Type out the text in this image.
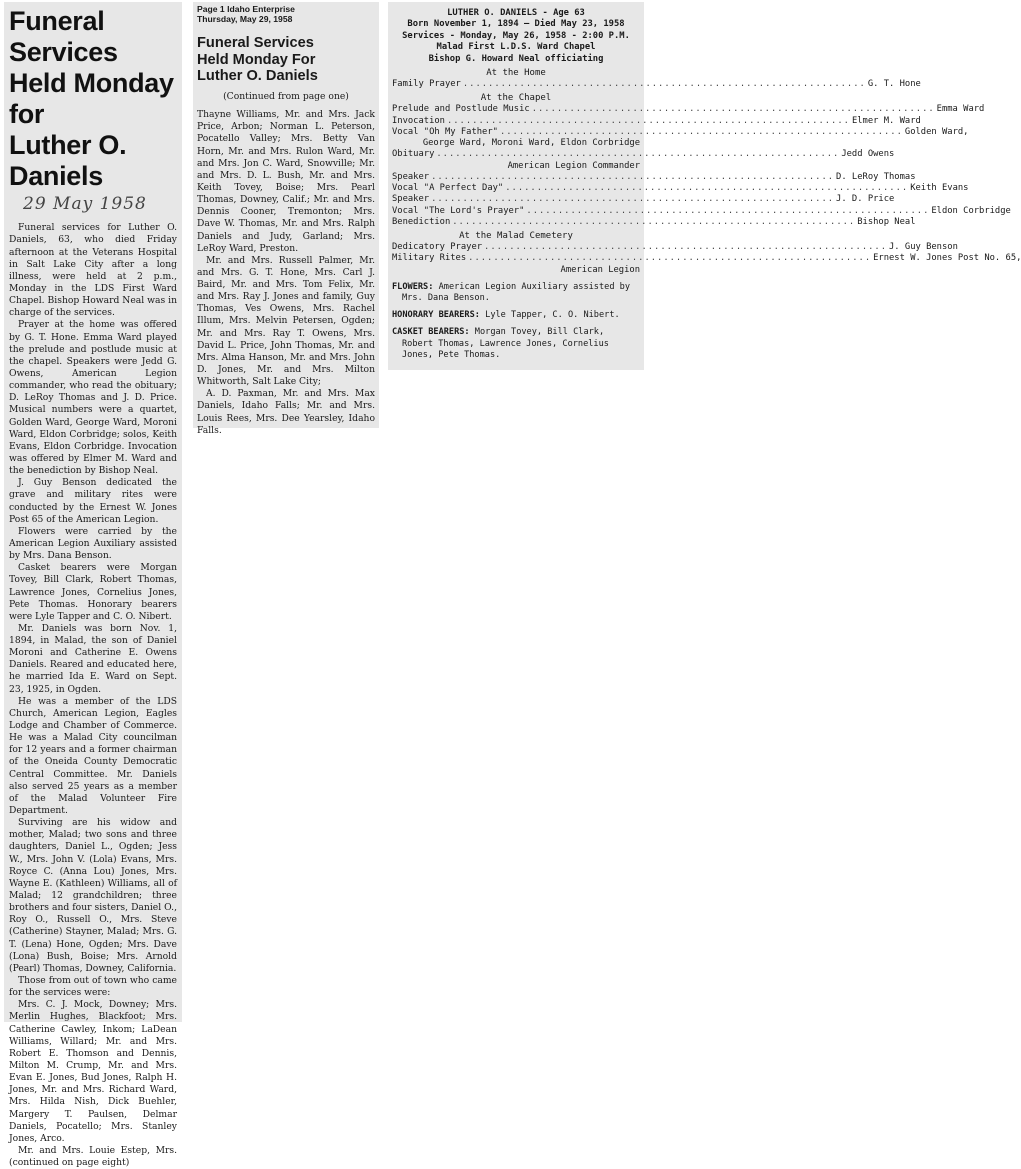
Funeral Services
Held Monday for
Luther O. Daniels
29 May 1958

Funeral services for Luther O. Daniels, 63, who died Friday afternoon at the Veterans Hospital in Salt Lake City after a long illness, were held at 2 p.m., Monday in the LDS First Ward Chapel. Bishop Howard Neal was in charge of the services.

Prayer at the home was offered by G. T. Hone. Emma Ward played the prelude and postlude music at the chapel. Speakers were Jedd G. Owens, American Legion commander, who read the obituary; D. LeRoy Thomas and J. D. Price. Musical numbers were a quartet, Golden Ward, George Ward, Moroni Ward, Eldon Corbridge; solos, Keith Evans, Eldon Corbridge. Invocation was offered by Elmer M. Ward and the benediction by Bishop Neal.

J. Guy Benson dedicated the grave and military rites were conducted by the Ernest W. Jones Post 65 of the American Legion.

Flowers were carried by the American Legion Auxiliary assisted by Mrs. Dana Benson.

Casket bearers were Morgan Tovey, Bill Clark, Robert Thomas, Lawrence Jones, Cornelius Jones, Pete Thomas. Honorary bearers were Lyle Tapper and C. O. Nibert.

Mr. Daniels was born Nov. 1, 1894, in Malad, the son of Daniel Moroni and Catherine E. Owens Daniels. Reared and educated here, he married Ida E. Ward on Sept. 23, 1925, in Ogden.

He was a member of the LDS Church, American Legion, Eagles Lodge and Chamber of Commerce. He was a Malad City councilman for 12 years and a former chairman of the Oneida County Democratic Central Committee. Mr. Daniels also served 25 years as a member of the Malad Volunteer Fire Department.

Surviving are his widow and mother, Malad; two sons and three daughters, Daniel L., Ogden; Jess W., Mrs. John V. (Lola) Evans, Mrs. Royce C. (Anna Lou) Jones, Mrs. Wayne E. (Kathleen) Williams, all of Malad; 12 grandchildren; three brothers and four sisters, Daniel O., Roy O., Russell O., Mrs. Steve (Catherine) Stayner, Malad; Mrs. G. T. (Lena) Hone, Ogden; Mrs. Dave (Lona) Bush, Boise; Mrs. Arnold (Pearl) Thomas, Downey, California.

Those from out of town who came for the services were:

Mrs. C. J. Mock, Downey; Mrs. Merlin Hughes, Blackfoot; Mrs. Catherine Cawley, Inkom; LaDean Williams, Willard; Mr. and Mrs. Robert E. Thomson and Dennis, Milton M. Crump, Mr. and Mrs. Evan E. Jones, Bud Jones, Ralph H. Jones, Mr. and Mrs. Richard Ward, Mrs. Hilda Nish, Dick Buehler, Margery T. Paulsen, Delmar Daniels, Pocatello; Mrs. Stanley Jones, Arco.

Mr. and Mrs. Louie Estep, Mrs. (continued on page eight)

Page 1 Idaho Enterprise
Thursday, May 29, 1958
Funeral Services
Held Monday For
Luther O. Daniels
(Continued from page one)

Thayne Williams, Mr. and Mrs. Jack Price, Arbon; Norman L. Peterson, Pocatello Valley; Mrs. Betty Van Horn, Mr. and Mrs. Rulon Ward, Mr. and Mrs. Jon C. Ward, Snowville; Mr. and Mrs. D. L. Bush, Mr. and Mrs. Keith Tovey, Boise; Mrs. Pearl Thomas, Downey, Calif.; Mr. and Mrs. Dennis Cooner, Tremonton; Mrs. Dave W. Thomas, Mr. and Mrs. Ralph Daniels and Judy, Garland; Mrs. LeRoy Ward, Preston.

Mr. and Mrs. Russell Palmer, Mr. and Mrs. G. T. Hone, Mrs. Carl J. Baird, Mr. and Mrs. Tom Felix, Mr. and Mrs. Ray J. Jones and family, Guy Thomas, Ves Owens, Mrs. Rachel Illum, Mrs. Melvin Petersen, Ogden; Mr. and Mrs. Ray T. Owens, Mrs. David L. Price, John Thomas, Mr. and Mrs. Alma Hanson, Mr. and Mrs. John D. Jones, Mr. and Mrs. Milton Whitworth, Salt Lake City;

A. D. Paxman, Mr. and Mrs. Max Daniels, Idaho Falls; Mr. and Mrs. Louis Rees, Mrs. Dee Yearsley, Idaho Falls.

LUTHER O. DANIELS - Age 63
Born November 1, 1894 — Died May 23, 1958
Services - Monday, May 26, 1958 - 2:00 P.M.
Malad First L.D.S. Ward Chapel
Bishop G. Howard Neal officiating
At the Home
Family Prayer .....	G. T. Hone
At the Chapel
Prelude and Postlude Music .....	Emma Ward
Invocation .....	Elmer M. Ward
Vocal "Oh My Father" .....	Golden Ward,
George Ward, Moroni Ward, Eldon Corbridge
Obituary .....	Jedd Owens
American Legion Commander
Speaker .....	D. LeRoy Thomas
Vocal "A Perfect Day" .....	Keith Evans
Speaker .....	J. D. Price
Vocal "The Lord's Prayer" .....	Eldon Corbridge
Benediction .....	Bishop Neal
At the Malad Cemetery
Dedicatory Prayer .....	J. Guy Benson
Military Rites .....	Ernest W. Jones Post No. 65,
American Legion
FLOWERS: American Legion Auxiliary assisted by Mrs. Dana Benson.
HONORARY BEARERS: Lyle Tapper, C. O. Nibert.
CASKET BEARERS: Morgan Tovey, Bill Clark, Robert Thomas, Lawrence Jones, Cornelius Jones, Pete Thomas.
